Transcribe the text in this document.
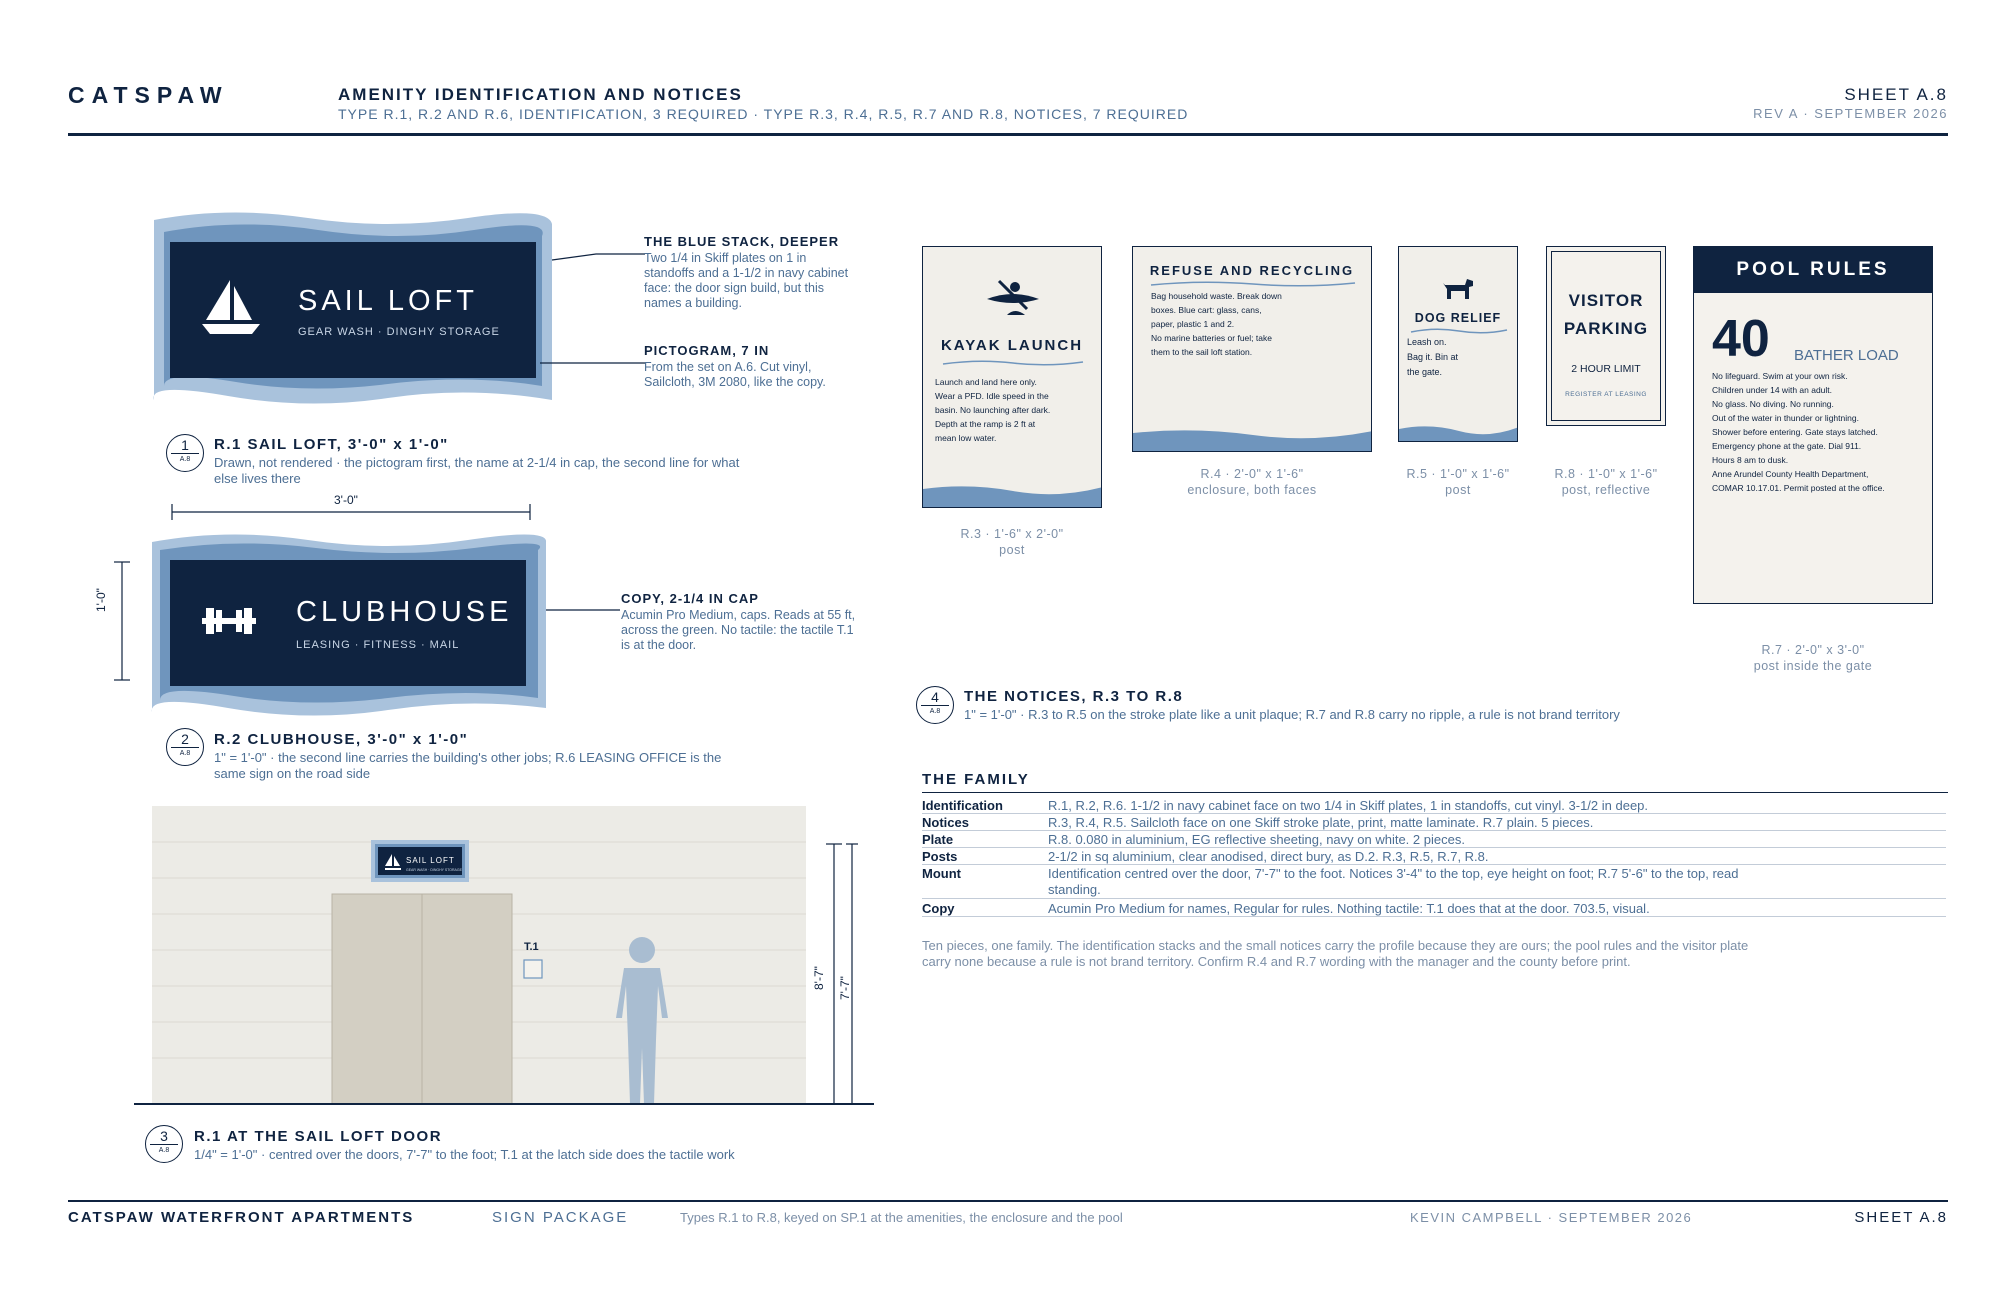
CATSPAW	AMENITY IDENTIFICATION AND NOTICES
TYPE R.1, R.2 AND R.6, IDENTIFICATION, 3 REQUIRED · TYPE R.3, R.4, R.5, R.7 AND R.8, NOTICES, 7 REQUIRED
SHEET A.8
REV A · SEPTEMBER 2026
SAIL LOFT
GEAR WASH · DINGHY STORAGE
THE BLUE STACK, DEEPER
Two 1/4 in Skiff plates on 1 in standoffs and a 1-1/2 in navy cabinet face: the door sign build, but this names a building.
PICTOGRAM, 7 IN
From the set on A.6. Cut vinyl, Sailcloth, 3M 2080, like the copy.
1
A.8
R.1 SAIL LOFT, 3'-0" x 1'-0"
Drawn, not rendered · the pictogram first, the name at 2-1/4 in cap, the second line for what else lives there
3'-0"
1'-0"	CLUBHOUSE
LEASING · FITNESS · MAIL
COPY, 2-1/4 IN CAP
Acumin Pro Medium, caps. Reads at 55 ft, across the green. No tactile: the tactile T.1 is at the door.
2
A.8
R.2 CLUBHOUSE, 3'-0" x 1'-0"
1" = 1'-0" · the second line carries the building's other jobs; R.6 LEASING OFFICE is the same sign on the road side
SAIL LOFT
GEAR WASH · DINGHY STORAGE
T.1
8'-7" 7'-7"
3
A.8
R.1 AT THE SAIL LOFT DOOR
1/4" = 1'-0" · centred over the doors, 7'-7" to the foot; T.1 at the latch side does the tactile work
KAYAK LAUNCH
Launch and land here only.
Wear a PFD. Idle speed in the
basin. No launching after dark.
Depth at the ramp is 2 ft at
mean low water.
R.3 · 1'-6" x 2'-0"
post
REFUSE AND RECYCLING
Bag household waste. Break down
boxes. Blue cart: glass, cans,
paper, plastic 1 and 2.
No marine batteries or fuel; take
them to the sail loft station.
R.4 · 2'-0" x 1'-6"
enclosure, both faces
DOG RELIEF
Leash on.
Bag it. Bin at
the gate.
R.5 · 1'-0" x 1'-6"
post
VISITOR
PARKING
2 HOUR LIMIT
REGISTER AT LEASING
R.8 · 1'-0" x 1'-6"
post, reflective
POOL RULES
40 BATHER LOAD
No lifeguard. Swim at your own risk.
Children under 14 with an adult.
No glass. No diving. No running.
Out of the water in thunder or lightning.
Shower before entering. Gate stays latched.
Emergency phone at the gate. Dial 911.
Hours 8 am to dusk.
Anne Arundel County Health Department,
COMAR 10.17.01. Permit posted at the office.
R.7 · 2'-0" x 3'-0"
post inside the gate
4
A.8
THE NOTICES, R.3 TO R.8
1" = 1'-0" · R.3 to R.5 on the stroke plate like a unit plaque; R.7 and R.8 carry no ripple, a rule is not brand territory
THE FAMILY
Identification	R.1, R.2, R.6. 1-1/2 in navy cabinet face on two 1/4 in Skiff plates, 1 in standoffs, cut vinyl. 3-1/2 in deep.
Notices	R.3, R.4, R.5. Sailcloth face on one Skiff stroke plate, print, matte laminate. R.7 plain. 5 pieces.
Plate	R.8. 0.080 in aluminium, EG reflective sheeting, navy on white. 2 pieces.
Posts	2-1/2 in sq aluminium, clear anodised, direct bury, as D.2. R.3, R.5, R.7, R.8.
Mount	Identification centred over the door, 7'-7" to the foot. Notices 3'-4" to the top, eye height on foot; R.7 5'-6" to the top, read standing.
Copy	Acumin Pro Medium for names, Regular for rules. Nothing tactile: T.1 does that at the door. 703.5, visual.
Ten pieces, one family. The identification stacks and the small notices carry the profile because they are ours; the pool rules and the visitor plate carry none because a rule is not brand territory. Confirm R.4 and R.7 wording with the manager and the county before print.
CATSPAW WATERFRONT APARTMENTS	SIGN PACKAGE	Types R.1 to R.8, keyed on SP.1 at the amenities, the enclosure and the pool	KEVIN CAMPBELL · SEPTEMBER 2026	SHEET A.8
